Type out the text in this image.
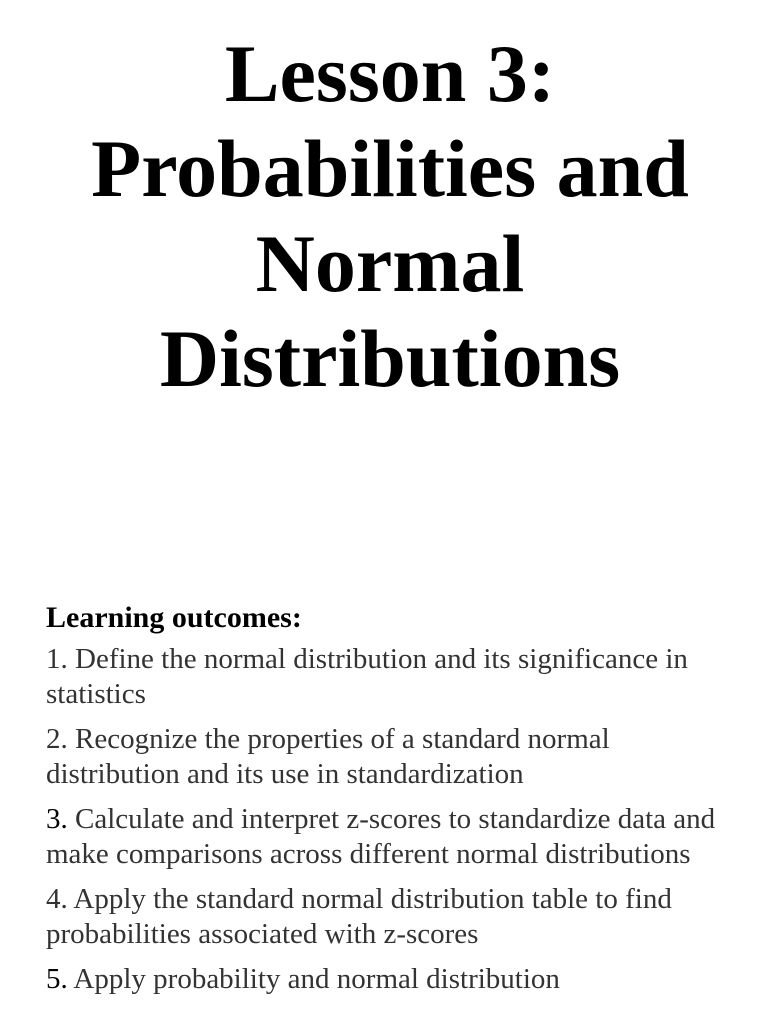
Lesson 3: Probabilities and Normal Distributions
Learning outcomes:
1. Define the normal distribution and its significance in statistics
2. Recognize the properties of a standard normal distribution and its use in standardization
3. Calculate and interpret z-scores to standardize data and make comparisons across different normal distributions
4. Apply the standard normal distribution table to find probabilities associated with z-scores
5. Apply probability and normal distribution
